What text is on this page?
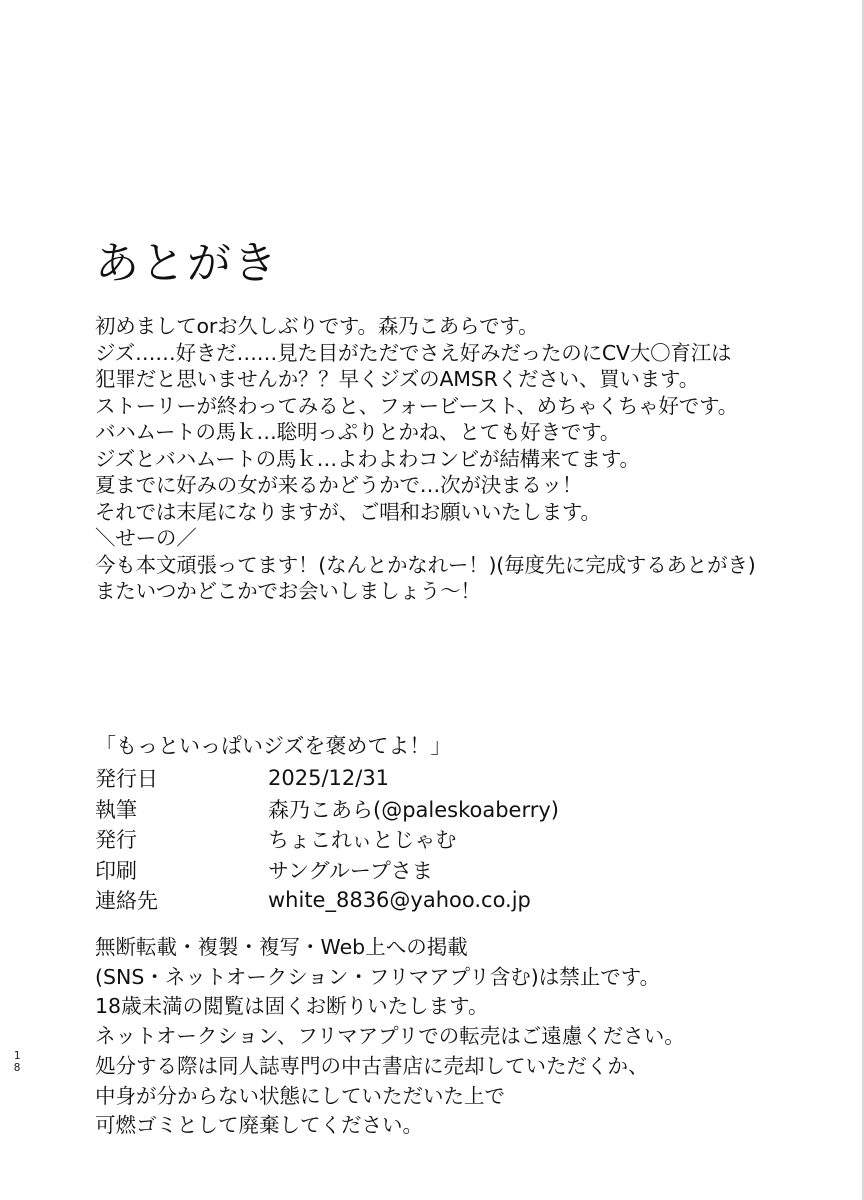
あとがき
初めましてorお久しぶりです。森乃こあらです。
ジズ……好きだ……見た目がただでさえ好みだったのにCV大〇育江は
犯罪だと思いませんか？？早くジズのAMSRください、買います。
ストーリーが終わってみると、フォービースト、めちゃくちゃ好です。
バハムートの馬ｋ…聡明っぷりとかね、とても好きです。
ジズとバハムートの馬ｋ…よわよわコンビが結構来てます。
夏までに好みの女が来るかどうかで…次が決まるッ！
それでは末尾になりますが、ご唱和お願いいたします。
＼せーの／
今も本文頑張ってます！(なんとかなれー！)(毎度先に完成するあとがき)
またいつかどこかでお会いしましょう～！
「もっといっぱいジズを褒めてよ！」
発行日	2025/12/31
執筆	森乃こあら(@paleskoaberry)
発行	ちょこれぃとじゃむ
印刷	サングループさま
連絡先	white_8836@yahoo.co.jp
無断転載・複製・複写・Web上への掲載
(SNS・ネットオークション・フリマアプリ含む)は禁止です。
18歳未満の閲覧は固くお断りいたします。
ネットオークション、フリマアプリでの転売はご遠慮ください。
処分する際は同人誌専門の中古書店に売却していただくか、
中身が分からない状態にしていただいた上で
可燃ゴミとして廃棄してください。
1
8
